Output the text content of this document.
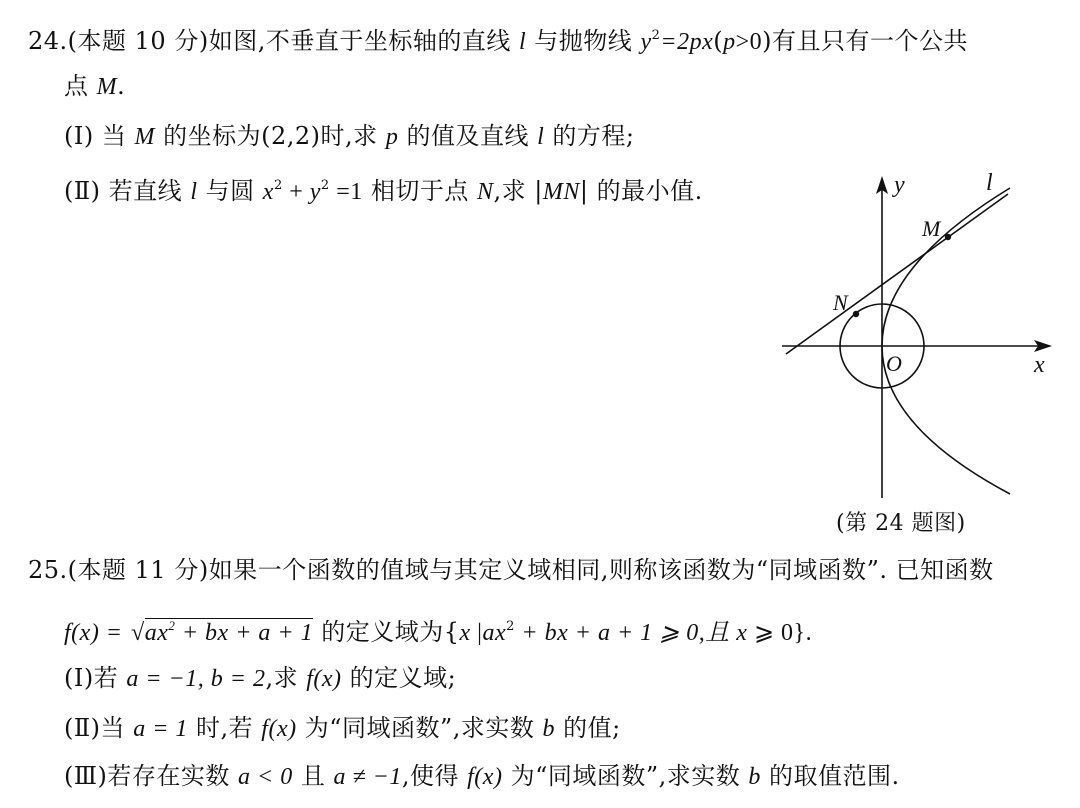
24.(本题 10 分)如图,不垂直于坐标轴的直线 l 与抛物线 $y^2=2px(p>0)$有且只有一个公共
点 M.
(Ⅰ) 当 M 的坐标为(2,2)时,求 p 的值及直线 l 的方程;
(Ⅱ) 若直线 l 与圆 $x^2 + y^2 =1$ 相切于点 N,求 |MN| 的最小值.	y
x
l
M
N
O
(第 24 题图)
25.(本题 11 分)如果一个函数的值域与其定义域相同,则称该函数为“同域函数”. 已知函数
$f(x) = √ax^2$ + bx + a + 1 的定义域为{x $|ax^2$ + bx + a + 1 ⩾ 0,且 x ⩾ 0}.
(Ⅰ)若 a = −1, b = 2,求 f(x) 的定义域;
(Ⅱ)当 a = 1 时,若 f(x) 为“同域函数”,求实数 b 的值;
(Ⅲ)若存在实数 a < 0 且 a ≠ −1,使得 f(x) 为“同域函数”,求实数 b 的取值范围.
